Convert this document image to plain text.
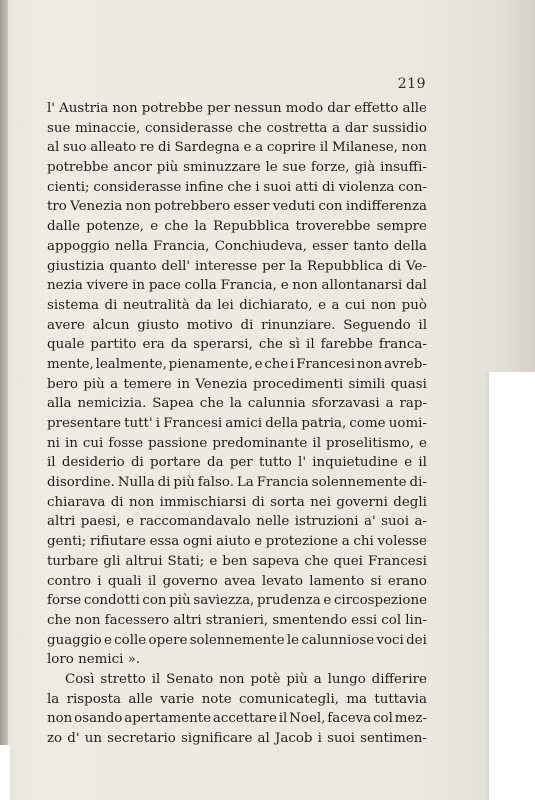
219
l' Austria non potrebbe per nessun modo dar effetto alle
sue minaccie, considerasse che costretta a dar sussidio
al suo alleato re di Sardegna e a coprire il Milanese, non
potrebbe ancor più sminuzzare le sue forze, già insuffi-
cienti; considerasse infine che i suoi atti di violenza con-
tro Venezia non potrebbero esser veduti con indifferenza
dalle potenze, e che la Repubblica troverebbe sempre
appoggio nella Francia, Conchiudeva, esser tanto della
giustizia quanto dell' interesse per la Repubblica di Ve-
nezia vivere in pace colla Francia, e non allontanarsi dal
sistema di neutralità da lei dichiarato, e a cui non può
avere alcun giusto motivo di rinunziare. Seguendo il
quale partito era da sperarsi, che sì il farebbe franca-
mente, lealmente, pienamente, e che i Francesi non avreb-
bero più a temere in Venezia procedimenti simili quasi
alla nemicizia. Sapea che la calunnia sforzavasi a rap-
presentare tutt' i Francesi amici della patria, come uomi-
ni in cui fosse passione predominante il proselitismo, e
il desiderio di portare da per tutto l' inquietudine e il
disordine. Nulla di più falso. La Francia solennemente di-
chiarava di non immischiarsi di sorta nei governi degli
altri paesi, e raccomandavalo nelle istruzioni a' suoi a-
genti; rifiutare essa ogni aiuto e protezione a chi volesse
turbare gli altrui Stati; e ben sapeva che quei Francesi
contro i quali il governo avea levato lamento si erano
forse condotti con più saviezza, prudenza e circospezione
che non facessero altri stranieri, smentendo essi col lin-
guaggio e colle opere solennemente le calunniose voci dei
loro nemici ».
Così stretto il Senato non potè più a lungo differire
la risposta alle varie note comunicategli, ma tuttavia
non osando apertamente accettare il Noel, faceva col mez-
zo d' un secretario significare al Jacob i suoi sentimen-
